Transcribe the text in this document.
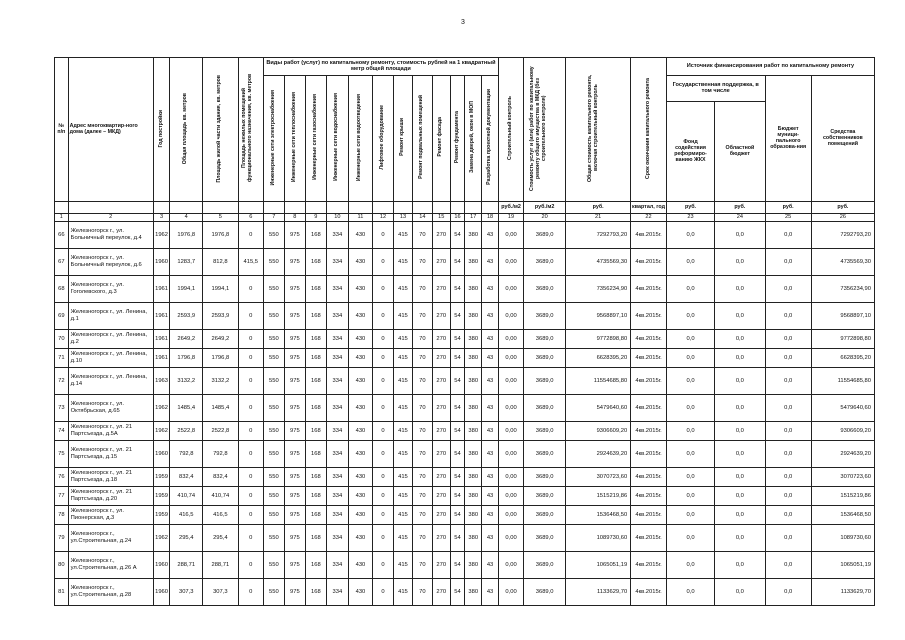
3
№ п/п	Адрес многоквартир-ного дома (далее – МКД)	Год постройки	Общая площадь кв. метров	Площадь жилой части здания, кв. метров	Площадь нежилых помещений функционального назначения, кв. метров	Виды работ (услуг) по капитальному ремонту, стоимость рублей на 1 квадратный метр общей площади												Строительный контроль	Стоимость услуг и (или) работ по капитальному ремонту общего имущества в МКД (без строительного контроля)	Общая стоимость капитального ремонта, включая строительный контроль	Срок окончания капитального ремонта	Источник финансирования работ по капитальному ремонту			
						Инженерные сети электроснабжения	Инженерные сети теплоснабжения	Инженерные сети газоснабжения	Инженерные сети водоснабжения	Инженерные сети водоотведения	Лифтовое оборудование	Ремонт крыши	Ремонт подвальных помещений	Ремонт фасада	Ремонт фундамента	Замена дверей, окон в МОП	Разработка проектной документации					Государственная поддержка, в том числе		Бюджет муници-пального образова-ния	Средства собственников помещений
																						Фонд содействия реформиро-ванию ЖКХ	Областной бюджет		
																		руб./м2	руб./м2	руб.	квартал, год	руб.	руб.	руб.	руб.
1	2	3	4	5	6	7	8	9	10	11	12	13	14	15	16	17	18	19	20	21	22	23	24	25	26
66	Железногорск г., ул. Больничный переулок, д.4	1962	1976,8	1976,8	0	550	975	168	334	430	0	415	70	270	54	380	43	0,00	3689,0	7292793,20	4кв.2015г.	0,0	0,0	0,0	7292793,20
67	Железногорск г., ул. Больничный переулок, д.6	1960	1283,7	812,8	415,5	550	975	168	334	430	0	415	70	270	54	380	43	0,00	3689,0	4735569,30	4кв.2015г.	0,0	0,0	0,0	4735569,30
68	Железногорск г., ул. Гоголевского, д.3	1961	1994,1	1994,1	0	550	975	168	334	430	0	415	70	270	54	380	43	0,00	3689,0	7356234,90	4кв.2015г.	0,0	0,0	0,0	7356234,90
69	Железногорск г., ул. Ленина, д.1	1961	2593,9	2593,9	0	550	975	168	334	430	0	415	70	270	54	380	43	0,00	3689,0	9568897,10	4кв.2015г.	0,0	0,0	0,0	9568897,10
70	Железногорск г., ул. Ленина, д.2	1961	2649,2	2649,2	0	550	975	168	334	430	0	415	70	270	54	380	43	0,00	3689,0	9772898,80	4кв.2015г.	0,0	0,0	0,0	9772898,80
71	Железногорск г., ул. Ленина, д.10	1961	1796,8	1796,8	0	550	975	168	334	430	0	415	70	270	54	380	43	0,00	3689,0	6628395,20	4кв.2015г.	0,0	0,0	0,0	6628395,20
72	Железногорск г., ул. Ленина, д.14	1963	3132,2	3132,2	0	550	975	168	334	430	0	415	70	270	54	380	43	0,00	3689,0	11554685,80	4кв.2015г.	0,0	0,0	0,0	11554685,80
73	Железногорск г., ул. Октябрьская, д.65	1962	1485,4	1485,4	0	550	975	168	334	430	0	415	70	270	54	380	43	0,00	3689,0	5479640,60	4кв.2015г.	0,0	0,0	0,0	5479640,60
74	Железногорск г., ул. 21 Партсъезда, д.5А	1962	2522,8	2522,8	0	550	975	168	334	430	0	415	70	270	54	380	43	0,00	3689,0	9306609,20	4кв.2015г.	0,0	0,0	0,0	9306609,20
75	Железногорск г., ул. 21 Партсъезда, д.15	1960	792,8	792,8	0	550	975	168	334	430	0	415	70	270	54	380	43	0,00	3689,0	2924639,20	4кв.2015г.	0,0	0,0	0,0	2924639,20
76	Железногорск г., ул. 21 Партсъезда, д.18	1959	832,4	832,4	0	550	975	168	334	430	0	415	70	270	54	380	43	0,00	3689,0	3070723,60	4кв.2015г.	0,0	0,0	0,0	3070723,60
77	Железногорск г., ул. 21 Партсъезда, д.20	1959	410,74	410,74	0	550	975	168	334	430	0	415	70	270	54	380	43	0,00	3689,0	1515219,86	4кв.2015г.	0,0	0,0	0,0	1515219,86
78	Железногорск г., ул. Пионерская, д.3	1959	416,5	416,5	0	550	975	168	334	430	0	415	70	270	54	380	43	0,00	3689,0	1536468,50	4кв.2015г.	0,0	0,0	0,0	1536468,50
79	Железногорск г., ул.Строительная, д.24	1962	295,4	295,4	0	550	975	168	334	430	0	415	70	270	54	380	43	0,00	3689,0	1089730,60	4кв.2015г.	0,0	0,0	0,0	1089730,60
80	Железногорск г., ул.Строительная, д.26 А	1960	288,71	288,71	0	550	975	168	334	430	0	415	70	270	54	380	43	0,00	3689,0	1065051,19	4кв.2015г.	0,0	0,0	0,0	1065051,19
81	Железногорск г., ул.Строительная, д.28	1960	307,3	307,3	0	550	975	168	334	430	0	415	70	270	54	380	43	0,00	3689,0	1133629,70	4кв.2015г.	0,0	0,0	0,0	1133629,70
